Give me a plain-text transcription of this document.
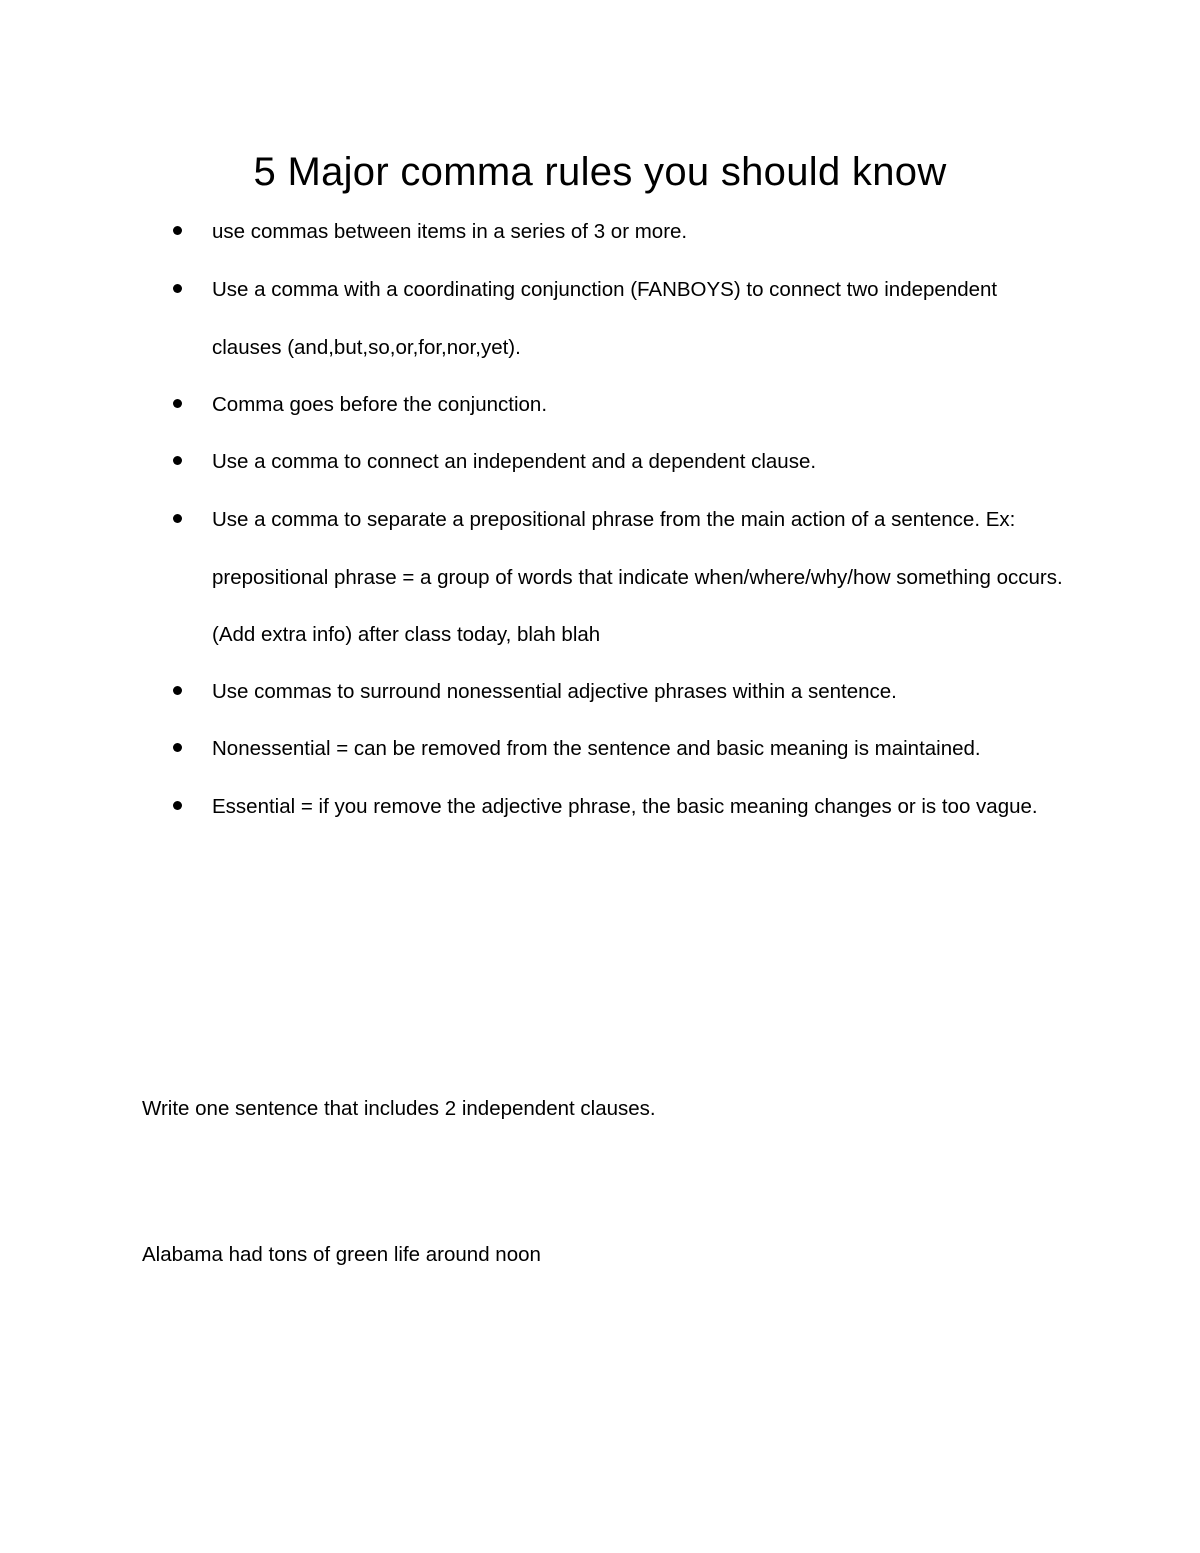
5 Major comma rules you should know
use commas between items in a series of 3 or more.
Use a comma with a coordinating conjunction (FANBOYS) to connect two independent clauses (and,but,so,or,for,nor,yet).
Comma goes before the conjunction.
Use a comma to connect an independent and a dependent clause.
Use a comma to separate a prepositional phrase from the main action of a sentence. Ex: prepositional phrase = a group of words that indicate when/where/why/how something occurs. (Add extra info) after class today, blah blah
Use commas to surround nonessential adjective phrases within a sentence.
Nonessential = can be removed from the sentence and basic meaning is maintained.
Essential = if you remove the adjective phrase, the basic meaning changes or is too vague.

Write one sentence that includes 2 independent clauses.

Alabama had tons of green life around noon
